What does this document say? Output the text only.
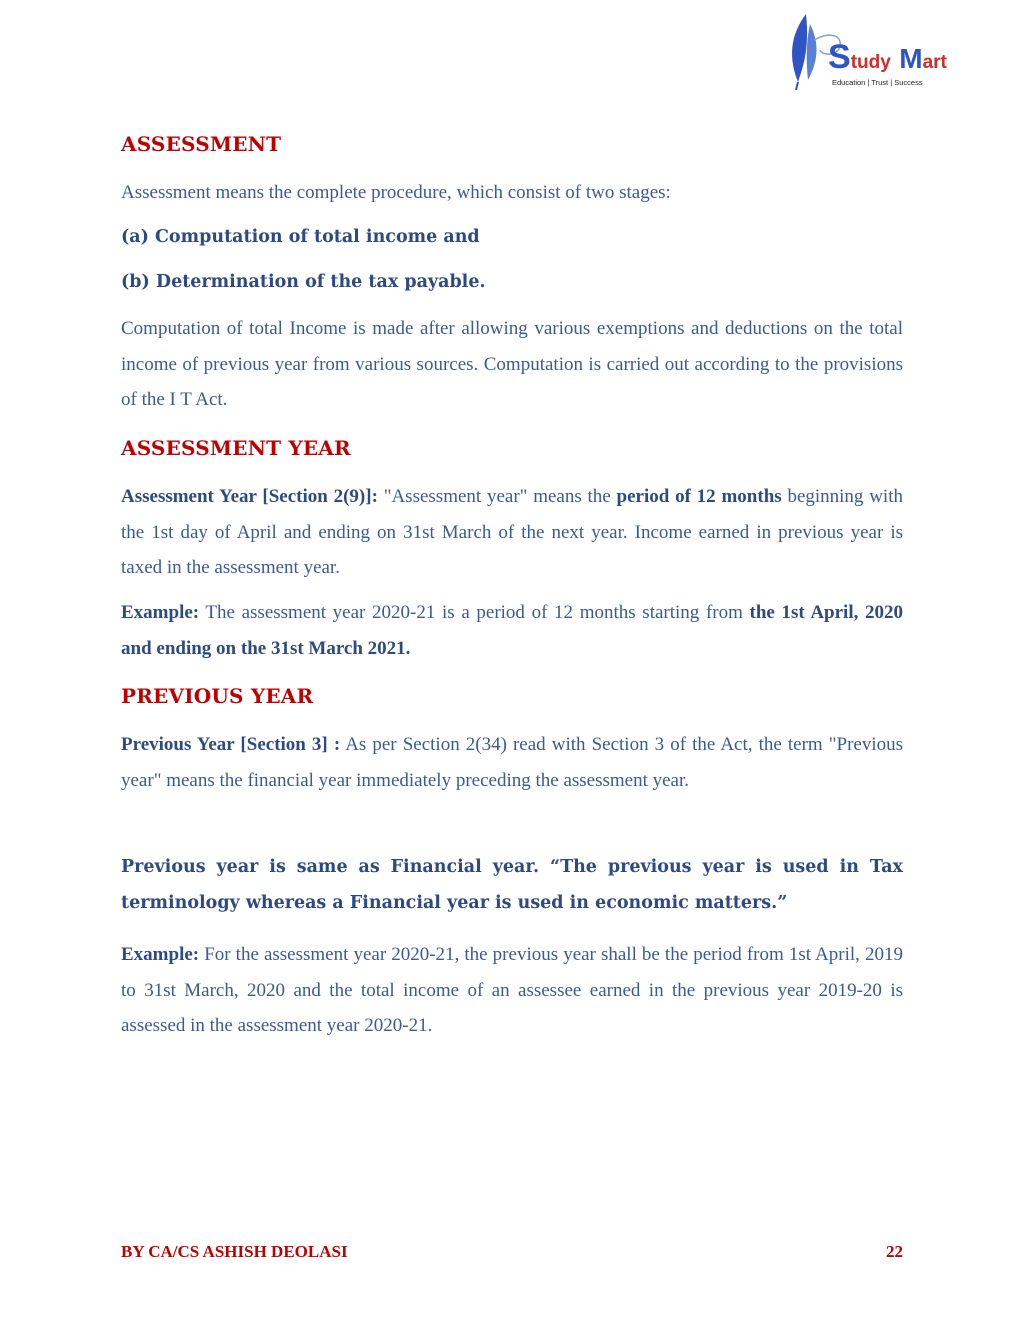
Study Mart
Education | Trust | Success
ASSESSMENT

Assessment means the complete procedure, which consist of two stages:

(a) Computation of total income and

(b) Determination of the tax payable.

Computation of total Income is made after allowing various exemptions and deductions on the total income of previous year from various sources. Computation is carried out according to the provisions of the I T Act.

ASSESSMENT YEAR

Assessment Year [Section 2(9)]: "Assessment year" means the period of 12 months beginning with the 1st day of April and ending on 31st March of the next year. Income earned in previous year is taxed in the assessment year.

Example: The assessment year 2020-21 is a period of 12 months starting from the 1st April, 2020 and ending on the 31st March 2021.

PREVIOUS YEAR

Previous Year [Section 3] : As per Section 2(34) read with Section 3 of the Act, the term "Previous year" means the financial year immediately preceding the assessment year.

Previous year is same as Financial year. “The previous year is used in Tax terminology whereas a Financial year is used in economic matters.”

Example: For the assessment year 2020-21, the previous year shall be the period from 1st April, 2019 to 31st March, 2020 and the total income of an assessee earned in the previous year 2019-20 is assessed in the assessment year 2020-21.

BY CA/CS ASHISH DEOLASI	22
